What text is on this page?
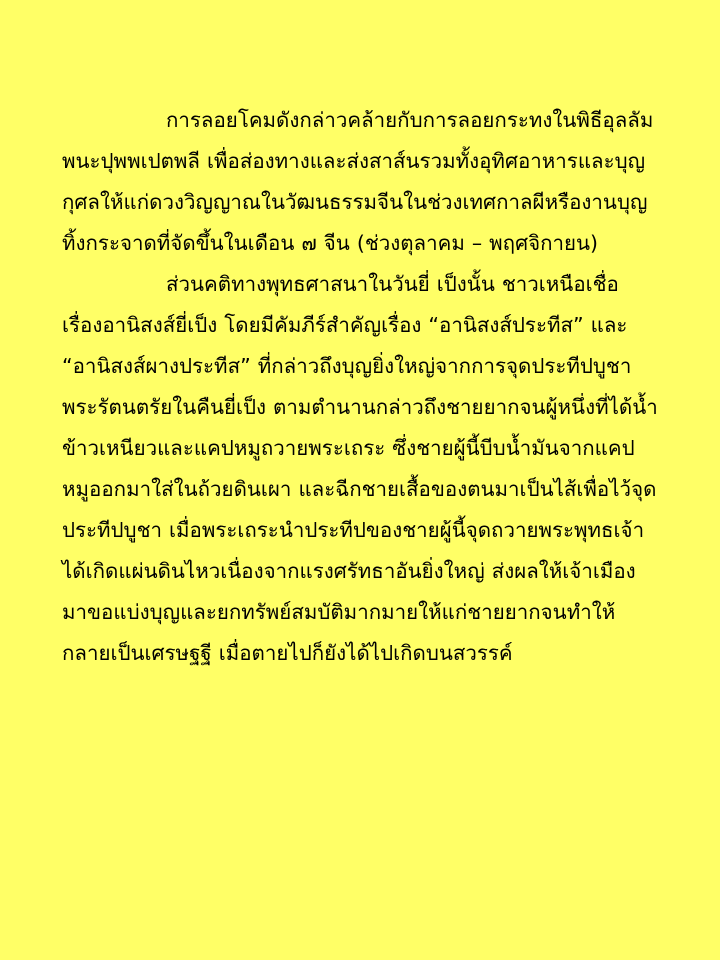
การลอยโคมดังกล่าวคล้ายกับการลอยกระทงในพิธีอุลลัมพนะปุพพเปตพลี เพื่อส่องทางและส่งสาส์นรวมทั้งอุทิศอาหารและบุญกุศลให้แก่ดวงวิญญาณในวัฒนธรรมจีนในช่วงเทศกาลผีหรืองานบุญทิ้งกระจาดที่จัดขึ้นในเดือน ๗ จีน (ช่วงตุลาคม – พฤศจิกายน)

ส่วนคติทางพุทธศาสนาในวันยี่ เป็งนั้น ชาวเหนือเชื่อเรื่องอานิสงส์ยี่เป็ง โดยมีคัมภีร์สำคัญเรื่อง “อานิสงส์ประทีส” และ “อานิสงส์ผางประทีส” ที่กล่าวถึงบุญยิ่งใหญ่จากการจุดประทีปบูชาพระรัตนตรัยในคืนยี่เป็ง ตามตำนานกล่าวถึงชายยากจนผู้หนึ่งที่ได้น้ำข้าวเหนียวและแคปหมูถวายพระเถระ ซึ่งชายผู้นี้บีบน้ำมันจากแคปหมูออกมาใส่ในถ้วยดินเผา และฉีกชายเสื้อของตนมาเป็นไส้เพื่อไว้จุดประทีปบูชา เมื่อพระเถระนำประทีปของชายผู้นี้จุดถวายพระพุทธเจ้า ได้เกิดแผ่นดินไหวเนื่องจากแรงศรัทธาอันยิ่งใหญ่ ส่งผลให้เจ้าเมืองมาขอแบ่งบุญและยกทรัพย์สมบัติมากมายให้แก่ชายยากจนทำให้กลายเป็นเศรษฐฐี เมื่อตายไปก็ยังได้ไปเกิดบนสวรรค์
